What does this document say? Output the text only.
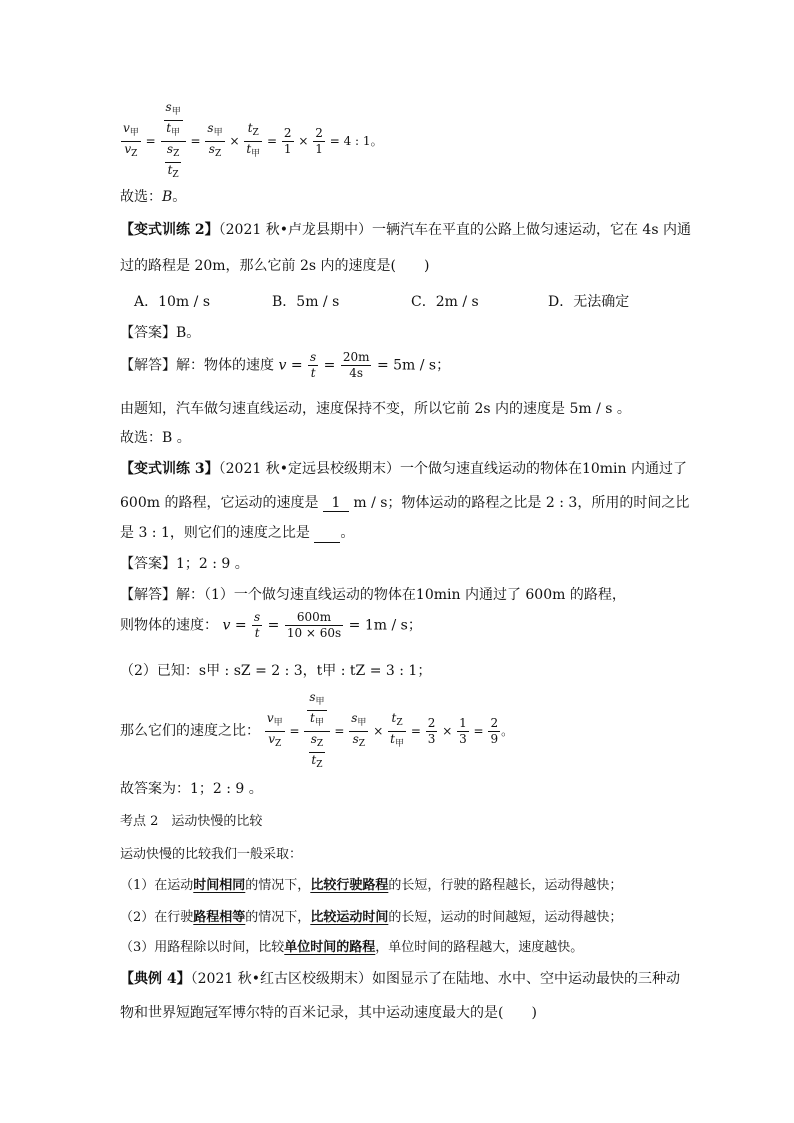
$\frac{v_甲}{v_Z} = \frac{s_甲}{t_甲}$
$\frac{s_Z}{t_Z}$
= $\frac{s_甲}{s_Z} \times \frac{t_Z}{t_甲} = \frac{2}{1} \times \frac{2}{1} = 4$ : 1。
故选：B。
【变式训练 2】（2021 秋•卢龙县期中）一辆汽车在平直的公路上做匀速运动，它在 4s 内通
过的路程是 20m，那么它前 2s 内的速度是(　　)
A．10m / s	B．5m / s	C．2m / s	D．无法确定
【答案】B。
【解答】解：物体的速度 $v = \frac{s}{t} = \frac{20m}{4s} = 5m / s$；
由题知，汽车做匀速直线运动，速度保持不变，所以它前 2s 内的速度是 5m / s 。
故选：B 。
【变式训练 3】（2021 秋•定远县校级期末）一个做匀速直线运动的物体在10min 内通过了
600m 的路程，它运动的速度是 1 m / s；物体运动的路程之比是 2 : 3，所用的时间之比
是 3 : 1，则它们的速度之比是 　。
【答案】1；2 : 9 。
【解答】解：（1）一个做匀速直线运动的物体在10min 内通过了 600m 的路程，
则物体的速度： $v = \frac{s}{t} = \frac{600m}{10 \times 60s} = 1m / s$；
（2）已知：s甲 : sZ = 2 : 3，t甲 : tZ = 3 : 1；
那么它们的速度之比： $\frac{v_甲}{v_Z} = \frac{s_甲}{t_甲}$
$\frac{s_Z}{t_Z}$
= $\frac{s_甲}{s_Z} \times \frac{t_Z}{t_甲} = \frac{2}{3} \times \frac{1}{3} = \frac{2}{9}$ 。
故答案为：1；2 : 9 。
考点 2　运动快慢的比较
运动快慢的比较我们一般采取：
（1）在运动时间相同的情况下，比较行驶路程的长短，行驶的路程越长，运动得越快；
（2）在行驶路程相等的情况下，比较运动时间的长短，运动的时间越短，运动得越快；
（3）用路程除以时间，比较单位时间的路程，单位时间的路程越大，速度越快。
【典例 4】（2021 秋•红古区校级期末）如图显示了在陆地、水中、空中运动最快的三种动
物和世界短跑冠军博尔特的百米记录，其中运动速度最大的是(　　)
